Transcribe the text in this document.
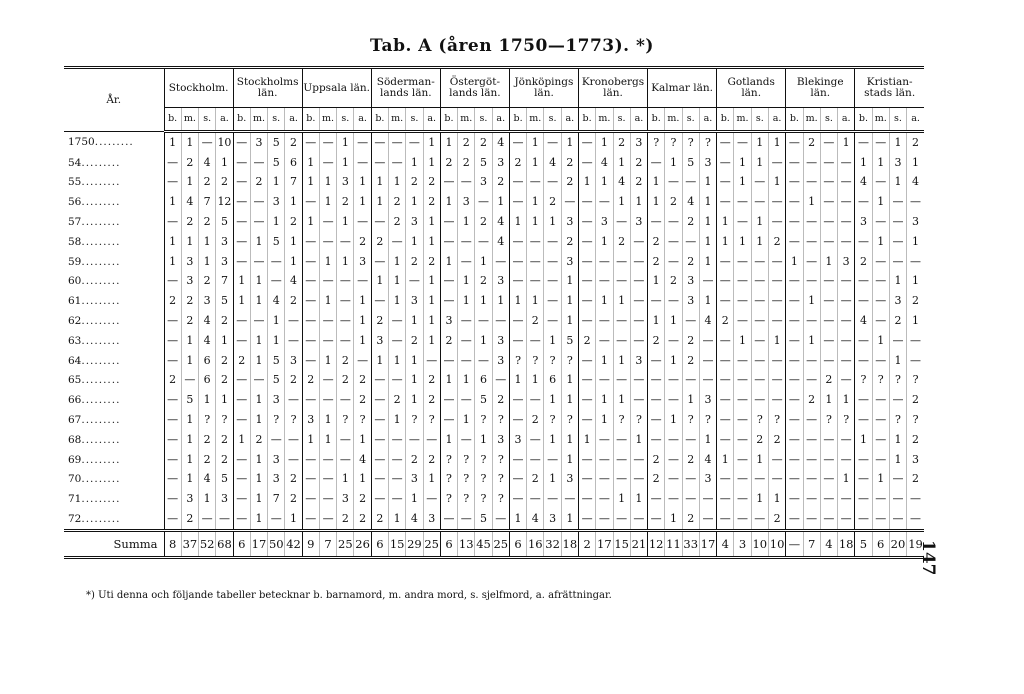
Tab. A (åren 1750—1773). *)
År.	Stockholm.				Stockholms län.				Uppsala län.				Söderman-lands län.				Östergöt-lands län.				Jönköpings län.				Kronobergs län.				Kalmar län.				Gotlands län.				Blekinge län.				Kristian-stads län.			
	b.	m.	s.	a.	b.	m.	s.	a.	b.	m.	s.	a.	b.	m.	s.	a.	b.	m.	s.	a.	b.	m.	s.	a.	b.	m.	s.	a.	b.	m.	s.	a.	b.	m.	s.	a.	b.	m.	s.	a.	b.	m.	s.	a.
1750.........	1	1	—	10	—	3	5	2	—	—	1	—	—	—	—	1	1	2	2	4	—	1	—	1	—	1	2	3	?	?	?	?	—	—	1	1	—	2	—	1	—	—	1	2
54.........	—	2	4	1	—	—	5	6	1	—	1	—	—	—	1	1	2	2	5	3	2	1	4	2	—	4	1	2	—	1	5	3	—	1	1	—	—	—	—	—	1	1	3	1
55.........	—	1	2	2	—	2	1	7	1	1	3	1	1	1	2	2	—	—	3	2	—	—	—	2	1	1	4	2	1	—	—	1	—	1	—	1	—	—	—	—	4	—	1	4
56.........	1	4	7	12	—	—	3	1	—	1	2	1	1	2	1	2	1	3	—	1	—	1	2	—	—	—	1	1	1	2	4	1	—	—	—	—	—	1	—	—	—	1	—	—
57.........	—	2	2	5	—	—	1	2	1	—	1	—	—	2	3	1	—	1	2	4	1	1	1	3	—	3	—	3	—	—	2	1	1	—	1	—	—	—	—	—	3	—	—	3
58.........	1	1	1	3	—	1	5	1	—	—	—	2	2	—	1	1	—	—	—	4	—	—	—	2	—	1	2	—	2	—	—	1	1	1	1	2	—	—	—	—	—	1	—	1
59.........	1	3	1	3	—	—	—	1	—	1	1	3	—	1	2	2	1	—	1	—	—	—	—	3	—	—	—	—	2	—	2	1	—	—	—	—	1	—	1	3	2	—	—	—
60.........	—	3	2	7	1	1	—	4	—	—	—	—	1	1	—	1	—	1	2	3	—	—	—	1	—	—	—	—	1	2	3	—	—	—	—	—	—	—	—	—	—	—	1	1
61.........	2	2	3	5	1	1	4	2	—	1	—	1	—	1	3	1	—	1	1	1	1	1	—	1	—	1	1	—	—	—	3	1	—	—	—	—	—	1	—	—	—	—	3	2
62.........	—	2	4	2	—	—	1	—	—	—	—	1	2	—	1	1	3	—	—	—	—	2	—	1	—	—	—	—	1	1	—	4	2	—	—	—	—	—	—	—	4	—	2	1
63.........	—	1	4	1	—	1	1	—	—	—	—	1	3	—	2	1	2	—	1	3	—	—	1	5	2	—	—	—	2	—	2	—	—	1	—	1	—	1	—	—	—	1	—	—
64.........	—	1	6	2	2	1	5	3	—	1	2	—	1	1	1	—	—	—	—	3	?	?	?	?	—	1	1	3	—	1	2	—	—	—	—	—	—	—	—	—	—	—	1	—
65.........	2	—	6	2	—	—	5	2	2	—	2	2	—	—	1	2	1	1	6	—	1	1	6	1	—	—	—	—	—	—	—	—	—	—	—	—	—	—	2	—	?	?	?	?
66.........	—	5	1	1	—	1	3	—	—	—	—	2	—	2	1	2	—	—	5	2	—	—	1	1	—	1	1	—	—	—	1	3	—	—	—	—	—	2	1	1	—	—	—	2
67.........	—	1	?	?	—	1	?	?	3	1	?	?	—	1	?	?	—	1	?	?	—	2	?	?	—	1	?	?	—	1	?	?	—	—	?	?	—	—	?	?	—	—	?	?
68.........	—	1	2	2	1	2	—	—	1	1	—	1	—	—	—	—	1	—	1	3	3	—	1	1	1	—	—	1	—	—	—	1	—	—	2	2	—	—	—	—	1	—	1	2
69.........	—	1	2	2	—	1	3	—	—	—	—	4	—	—	2	2	?	?	?	?	—	—	—	1	—	—	—	—	2	—	2	4	1	—	1	—	—	—	—	—	—	—	1	3
70.........	—	1	4	5	—	1	3	2	—	—	1	1	—	—	3	1	?	?	?	?	—	2	1	3	—	—	—	—	2	—	—	3	—	—	—	—	—	—	—	1	—	1	—	2
71.........	—	3	1	3	—	1	7	2	—	—	3	2	—	—	1	—	?	?	?	?	—	—	—	—	—	—	1	1	—	—	—	—	—	—	1	1	—	—	—	—	—	—	—	—
72.........	—	2	—	—	—	1	—	1	—	—	2	2	2	1	4	3	—	—	5	—	1	4	3	1	—	—	—	—	—	1	2	—	—	—	—	2	—	—	—	—	—	—	—	—
Summa	8	37	52	68	6	17	50	42	9	7	25	26	6	15	29	25	6	13	45	25	6	16	32	18	2	17	15	21	12	11	33	17	4	3	10	10	—	7	4	18	5	6	20	19
*) Uti denna och följande tabeller betecknar b. barnamord, m. andra mord, s. sjelfmord, a. afrättningar.
147
